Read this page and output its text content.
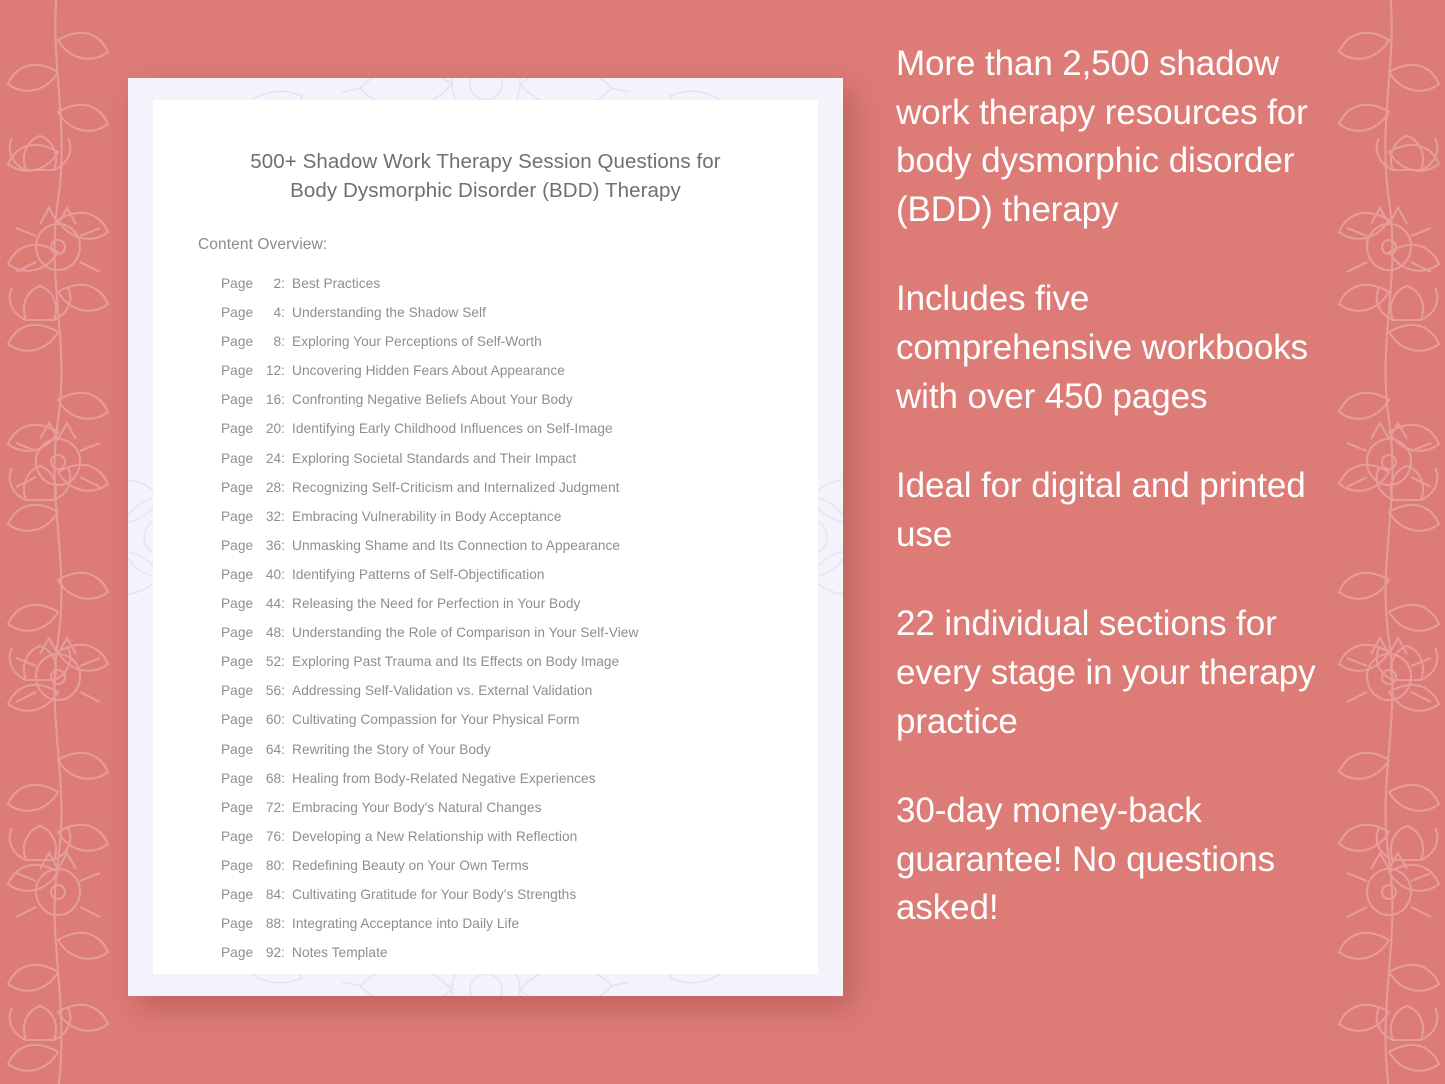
500+ Shadow Work Therapy Session Questions for
Body Dysmorphic Disorder (BDD) Therapy
Content Overview:
Page	2 : Best Practices
Page	4 : Understanding the Shadow Self
Page	8 : Exploring Your Perceptions of Self-Worth
Page 12 : Uncovering Hidden Fears About Appearance
Page 16 : Confronting Negative Beliefs About Your Body
Page 20 : Identifying Early Childhood Influences on Self-Image
Page 24 : Exploring Societal Standards and Their Impact
Page 28 : Recognizing Self-Criticism and Internalized Judgment
Page 32 : Embracing Vulnerability in Body Acceptance
Page 36 : Unmasking Shame and Its Connection to Appearance
Page 40 : Identifying Patterns of Self-Objectification
Page 44 : Releasing the Need for Perfection in Your Body
Page 48 : Understanding the Role of Comparison in Your Self-View
Page 52 : Exploring Past Trauma and Its Effects on Body Image
Page 56 : Addressing Self-Validation vs. External Validation
Page 60 : Cultivating Compassion for Your Physical Form
Page 64 : Rewriting the Story of Your Body
Page 68 : Healing from Body-Related Negative Experiences
Page 72 : Embracing Your Body's Natural Changes
Page 76 : Developing a New Relationship with Reflection
Page 80 : Redefining Beauty on Your Own Terms
Page 84 : Cultivating Gratitude for Your Body's Strengths
Page 88 : Integrating Acceptance into Daily Life
Page 92 : Notes Template

More than 2,500 shadow work therapy resources for body dysmorphic disorder (BDD) therapy

Includes five comprehensive workbooks with over 450 pages

Ideal for digital and printed use

22 individual sections for every stage in your therapy practice

30-day money-back guarantee! No questions asked!
